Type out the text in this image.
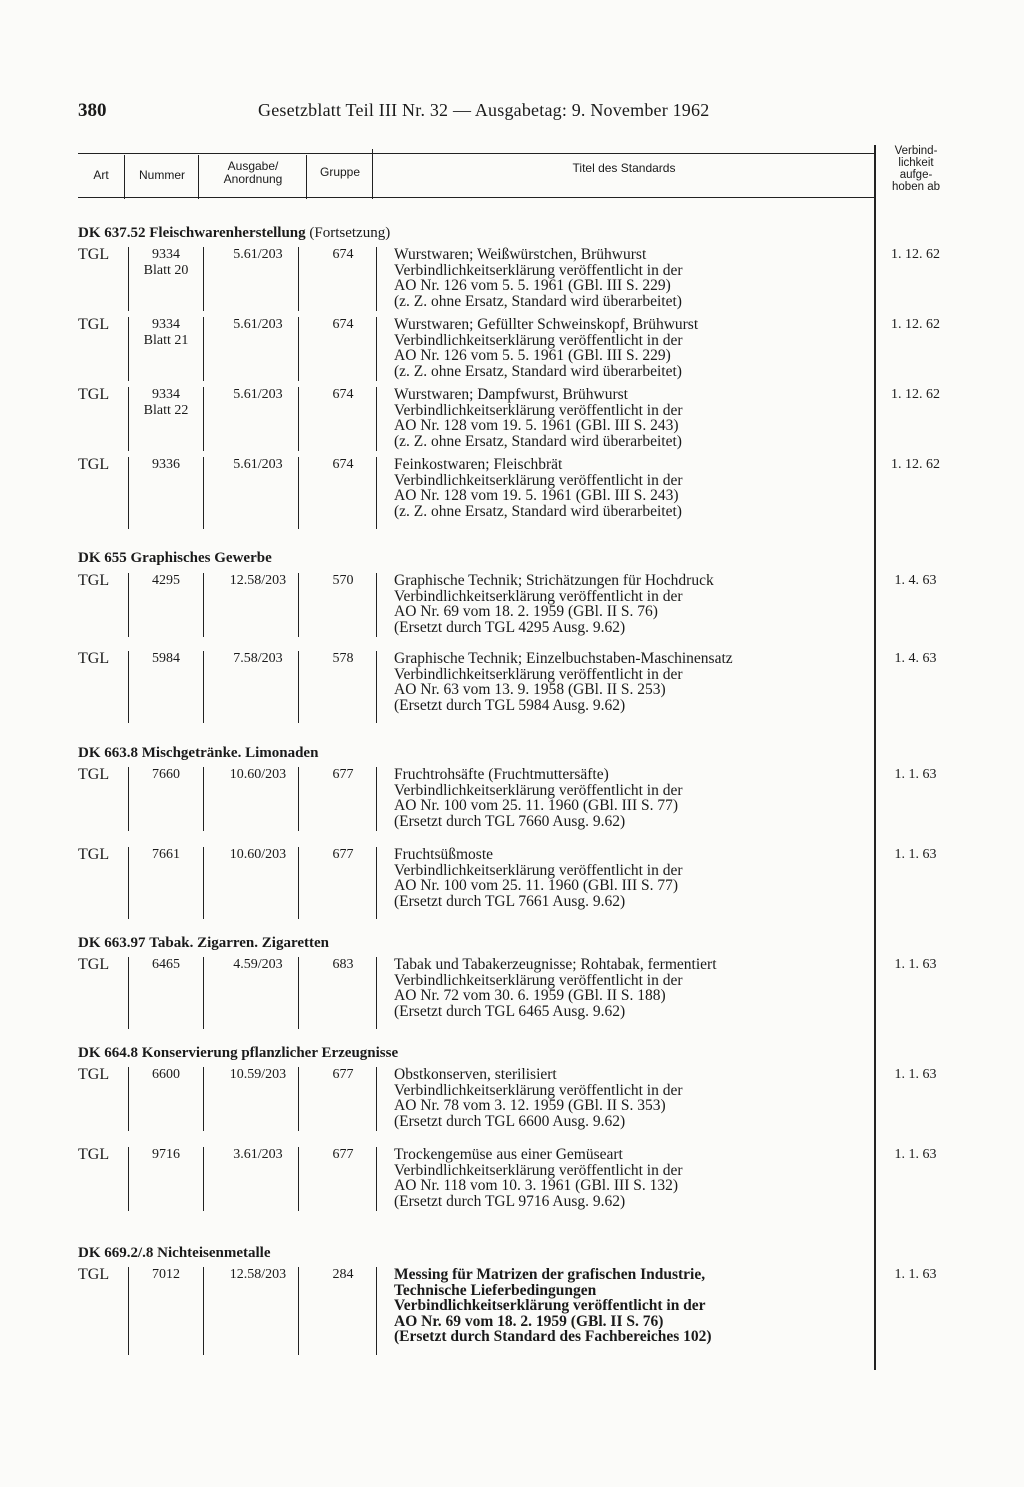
380	Gesetzblatt Teil III Nr. 32 — Ausgabetag: 9. November 1962
Art	Nummer
Ausgabe/
Anordnung	Gruppe	Titel des Standards
Verbind-
lichkeit
aufge-
hoben ab
DK 637.52 Fleischwarenherstellung (Fortsetzung)
TGL	9334
Blatt 20
5.61/203	674	Wurstwaren; Weißwürstchen, Brühwurst
Verbindlichkeitserklärung veröffentlicht in der
AO Nr. 126 vom 5. 5. 1961 (GBl. III S. 229)
(z. Z. ohne Ersatz, Standard wird überarbeitet)
1. 12. 62
TGL	9334
Blatt 21
5.61/203	674	Wurstwaren; Gefüllter Schweinskopf, Brühwurst
Verbindlichkeitserklärung veröffentlicht in der
AO Nr. 126 vom 5. 5. 1961 (GBl. III S. 229)
(z. Z. ohne Ersatz, Standard wird überarbeitet)
1. 12. 62
TGL	9334
Blatt 22
5.61/203	674	Wurstwaren; Dampfwurst, Brühwurst
Verbindlichkeitserklärung veröffentlicht in der
AO Nr. 128 vom 19. 5. 1961 (GBl. III S. 243)
(z. Z. ohne Ersatz, Standard wird überarbeitet)
1. 12. 62
TGL	9336	5.61/203	674	Feinkostwaren; Fleischbrät
Verbindlichkeitserklärung veröffentlicht in der
AO Nr. 128 vom 19. 5. 1961 (GBl. III S. 243)
(z. Z. ohne Ersatz, Standard wird überarbeitet)
1. 12. 62
DK 655 Graphisches Gewerbe
TGL	4295	12.58/203	570	Graphische Technik; Strichätzungen für Hochdruck
Verbindlichkeitserklärung veröffentlicht in der
AO Nr. 69 vom 18. 2. 1959 (GBl. II S. 76)
(Ersetzt durch TGL 4295 Ausg. 9.62)
1. 4. 63
TGL	5984	7.58/203	578	Graphische Technik; Einzelbuchstaben-Maschinensatz
Verbindlichkeitserklärung veröffentlicht in der
AO Nr. 63 vom 13. 9. 1958 (GBl. II S. 253)
(Ersetzt durch TGL 5984 Ausg. 9.62)
1. 4. 63
DK 663.8 Mischgetränke. Limonaden
TGL	7660	10.60/203	677	Fruchtrohsäfte (Fruchtmuttersäfte)
Verbindlichkeitserklärung veröffentlicht in der
AO Nr. 100 vom 25. 11. 1960 (GBl. III S. 77)
(Ersetzt durch TGL 7660 Ausg. 9.62)
1. 1. 63
TGL	7661	10.60/203	677	Fruchtsüßmoste
Verbindlichkeitserklärung veröffentlicht in der
AO Nr. 100 vom 25. 11. 1960 (GBl. III S. 77)
(Ersetzt durch TGL 7661 Ausg. 9.62)
1. 1. 63
DK 663.97 Tabak. Zigarren. Zigaretten
TGL	6465	4.59/203	683	Tabak und Tabakerzeugnisse; Rohtabak, fermentiert
Verbindlichkeitserklärung veröffentlicht in der
AO Nr. 72 vom 30. 6. 1959 (GBl. II S. 188)
(Ersetzt durch TGL 6465 Ausg. 9.62)
1. 1. 63
DK 664.8 Konservierung pflanzlicher Erzeugnisse
TGL	6600	10.59/203	677	Obstkonserven, sterilisiert
Verbindlichkeitserklärung veröffentlicht in der
AO Nr. 78 vom 3. 12. 1959 (GBl. II S. 353)
(Ersetzt durch TGL 6600 Ausg. 9.62)
1. 1. 63
TGL	9716	3.61/203	677	Trockengemüse aus einer Gemüseart
Verbindlichkeitserklärung veröffentlicht in der
AO Nr. 118 vom 10. 3. 1961 (GBl. III S. 132)
(Ersetzt durch TGL 9716 Ausg. 9.62)
1. 1. 63
DK 669.2/.8 Nichteisenmetalle
TGL	7012	12.58/203	284	Messing für Matrizen der grafischen Industrie,
Technische Lieferbedingungen
Verbindlichkeitserklärung veröffentlicht in der
AO Nr. 69 vom 18. 2. 1959 (GBl. II S. 76)
(Ersetzt durch Standard des Fachbereiches 102)
1. 1. 63
